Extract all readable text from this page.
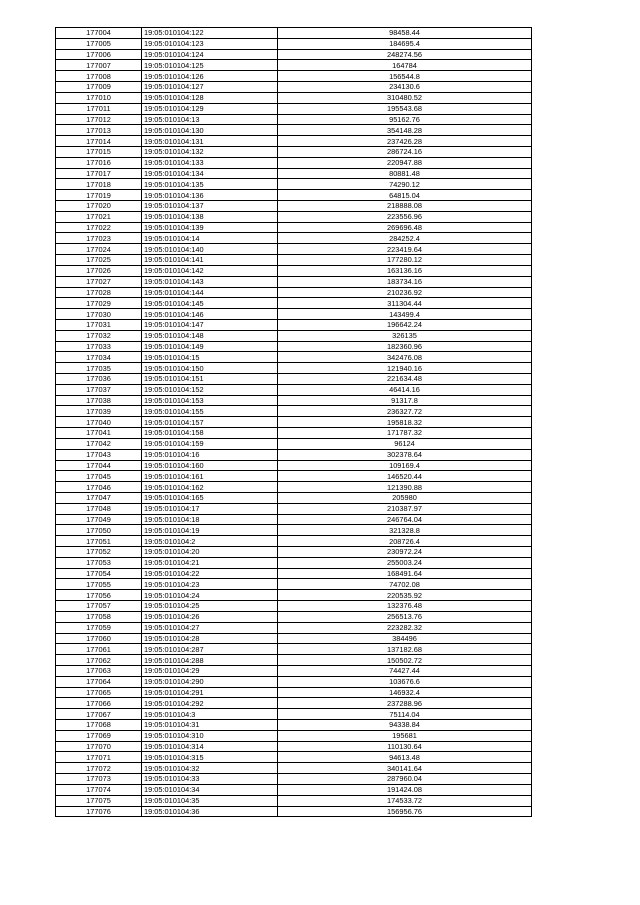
177004	19:05:010104:122	98458.44
177005	19:05:010104:123	184695.4
177006	19:05:010104:124	248274.56
177007	19:05:010104:125	164784
177008	19:05:010104:126	156544.8
177009	19:05:010104:127	234130.6
177010	19:05:010104:128	310480.52
177011	19:05:010104:129	195543.68
177012	19:05:010104:13	95162.76
177013	19:05:010104:130	354148.28
177014	19:05:010104:131	237426.28
177015	19:05:010104:132	286724.16
177016	19:05:010104:133	220947.88
177017	19:05:010104:134	80881.48
177018	19:05:010104:135	74290.12
177019	19:05:010104:136	64815.04
177020	19:05:010104:137	218888.08
177021	19:05:010104:138	223556.96
177022	19:05:010104:139	269696.48
177023	19:05:010104:14	284252.4
177024	19:05:010104:140	223419.64
177025	19:05:010104:141	177280.12
177026	19:05:010104:142	163136.16
177027	19:05:010104:143	183734.16
177028	19:05:010104:144	210236.92
177029	19:05:010104:145	311304.44
177030	19:05:010104:146	143499.4
177031	19:05:010104:147	196642.24
177032	19:05:010104:148	326135
177033	19:05:010104:149	182360.96
177034	19:05:010104:15	342476.08
177035	19:05:010104:150	121940.16
177036	19:05:010104:151	221634.48
177037	19:05:010104:152	46414.16
177038	19:05:010104:153	91317.8
177039	19:05:010104:155	236327.72
177040	19:05:010104:157	195818.32
177041	19:05:010104:158	171787.32
177042	19:05:010104:159	96124
177043	19:05:010104:16	302378.64
177044	19:05:010104:160	109169.4
177045	19:05:010104:161	146520.44
177046	19:05:010104:162	121390.88
177047	19:05:010104:165	205980
177048	19:05:010104:17	210387.97
177049	19:05:010104:18	246764.04
177050	19:05:010104:19	321328.8
177051	19:05:010104:2	208726.4
177052	19:05:010104:20	230972.24
177053	19:05:010104:21	255003.24
177054	19:05:010104:22	168491.64
177055	19:05:010104:23	74702.08
177056	19:05:010104:24	220535.92
177057	19:05:010104:25	132376.48
177058	19:05:010104:26	256513.76
177059	19:05:010104:27	223282.32
177060	19:05:010104:28	384496
177061	19:05:010104:287	137182.68
177062	19:05:010104:288	150502.72
177063	19:05:010104:29	74427.44
177064	19:05:010104:290	103676.6
177065	19:05:010104:291	146932.4
177066	19:05:010104:292	237288.96
177067	19:05:010104:3	75114.04
177068	19:05:010104:31	94338.84
177069	19:05:010104:310	195681
177070	19:05:010104:314	110130.64
177071	19:05:010104:315	94613.48
177072	19:05:010104:32	340141.64
177073	19:05:010104:33	287960.04
177074	19:05:010104:34	191424.08
177075	19:05:010104:35	174533.72
177076	19:05:010104:36	156956.76
